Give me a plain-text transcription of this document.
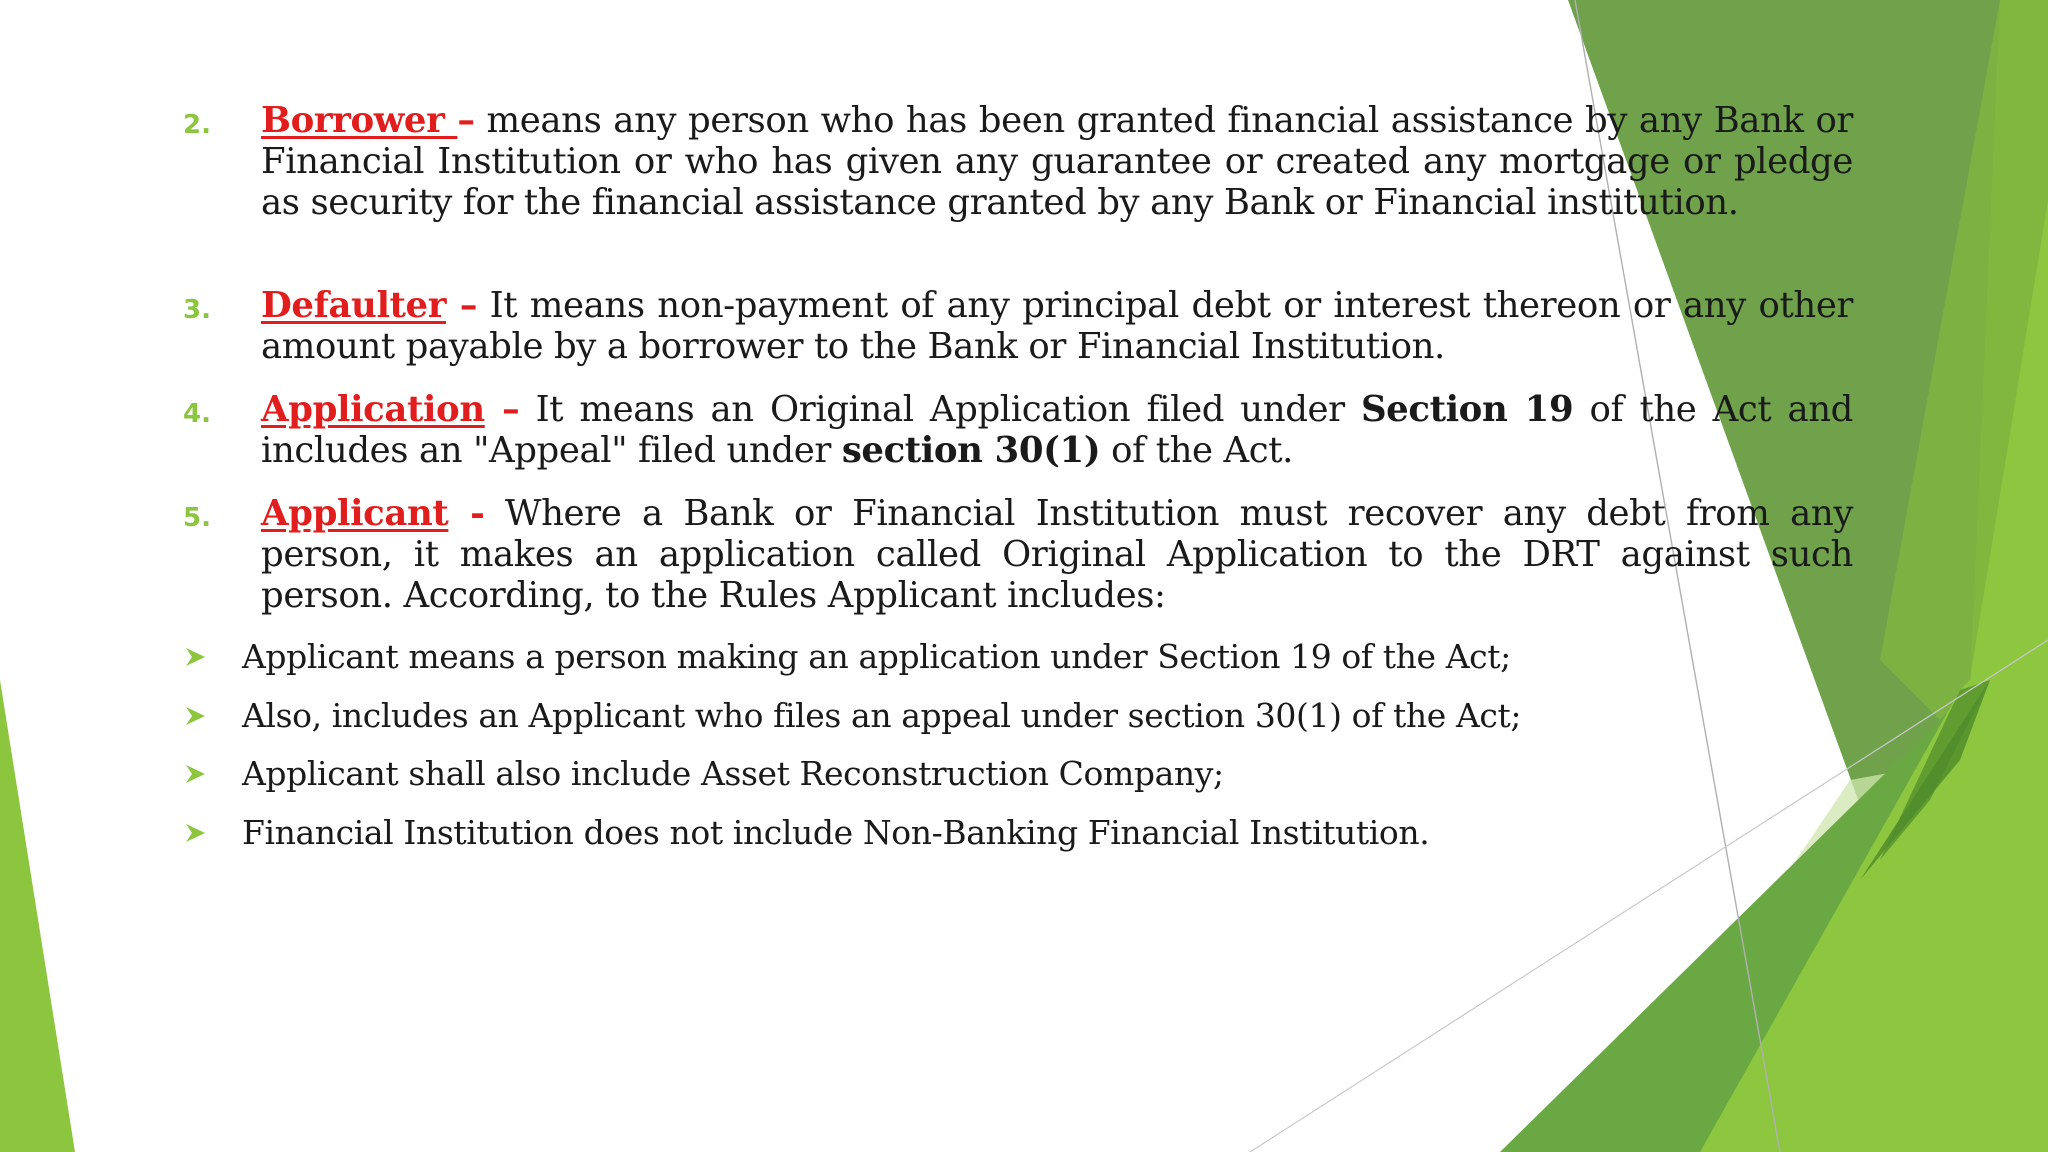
2.	Borrower – means any person who has been granted financial assistance by any Bank or Financial Institution or who has given any guarantee or created any mortgage or pledge as security for the financial assistance granted by any Bank or Financial institution.
3.	Defaulter – It means non-payment of any principal debt or interest thereon or any other amount payable by a borrower to the Bank or Financial Institution.
4.	Application – It means an Original Application filed under Section 19 of the Act and includes an "Appeal" filed under section 30(1) of the Act.
5.	Applicant - Where a Bank or Financial Institution must recover any debt from any person, it makes an application called Original Application to the DRT against such person. According, to the Rules Applicant includes:
Applicant means a person making an application under Section 19 of the Act;
Also, includes an Applicant who files an appeal under section 30(1) of the Act;
Applicant shall also include Asset Reconstruction Company;
Financial Institution does not include Non-Banking Financial Institution.
